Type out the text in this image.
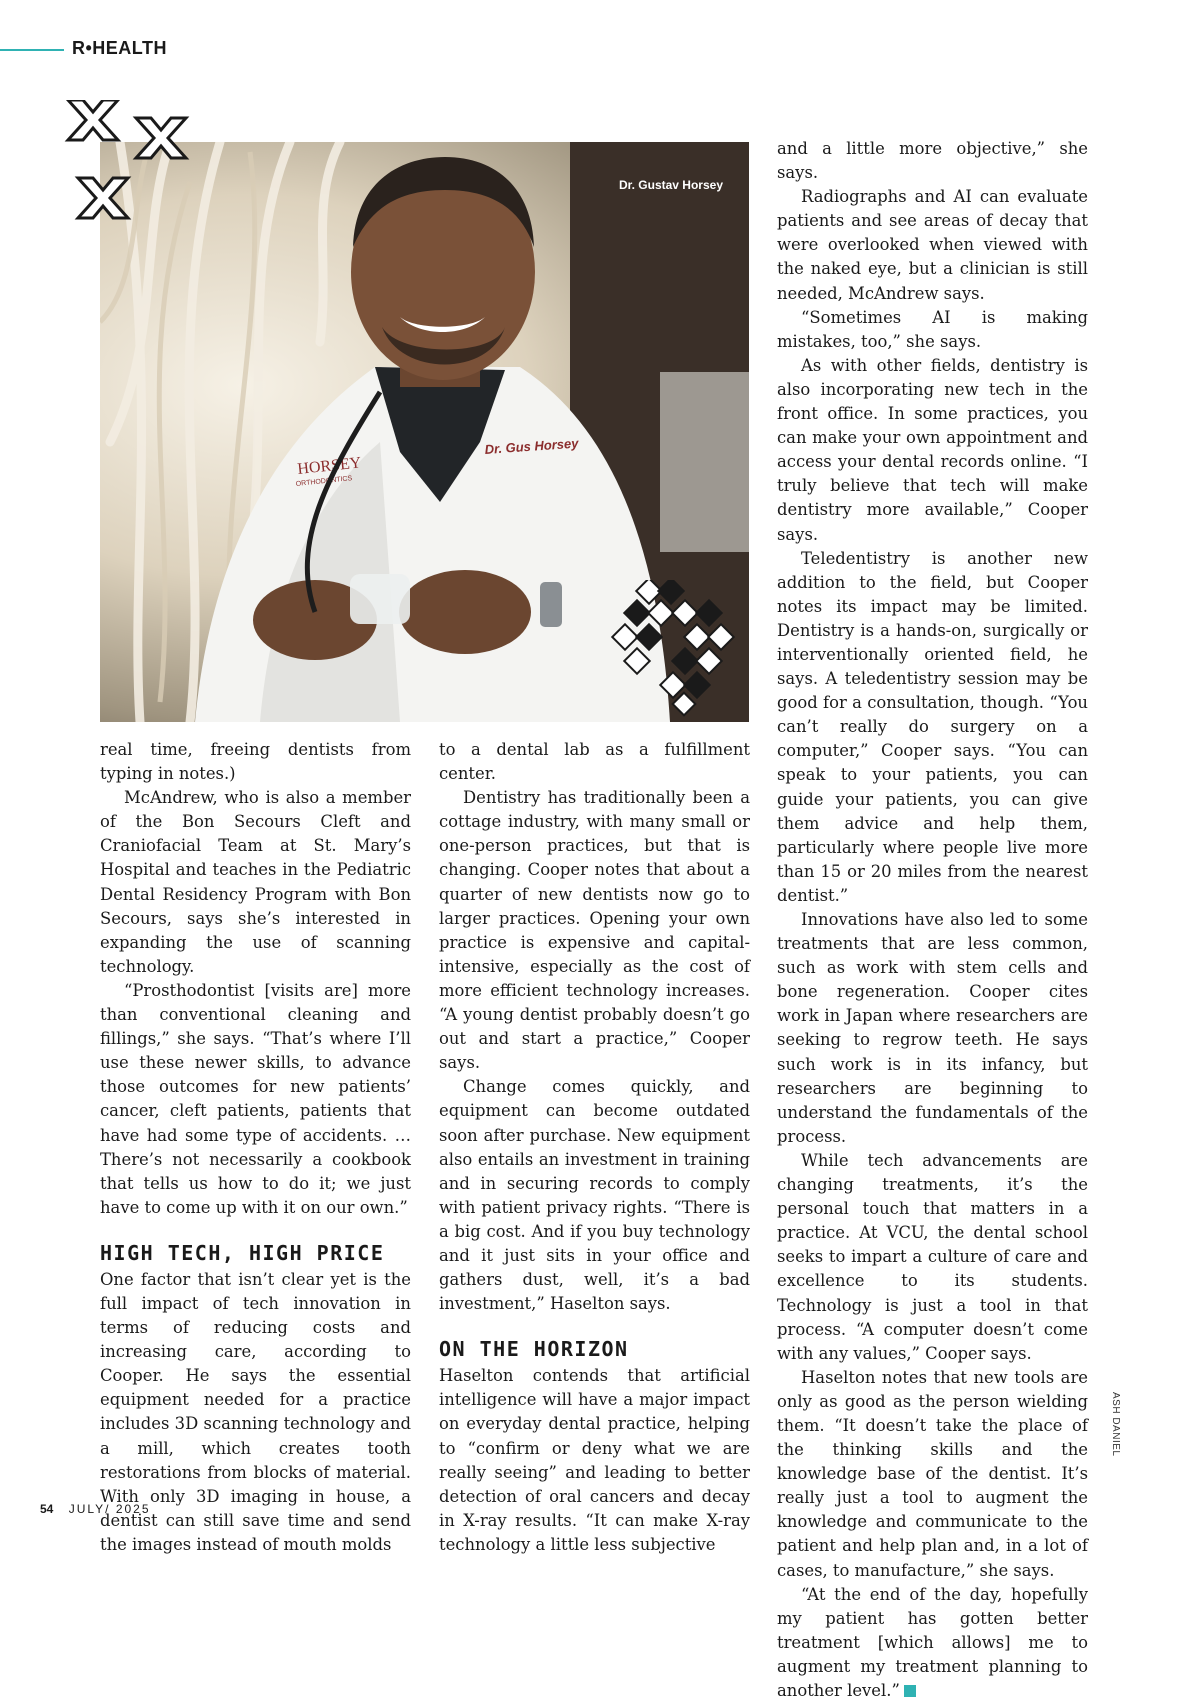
R•HEALTH
Dr. Gus Horsey
HORSEY
ORTHODONTICS
Dr. Gustav Horsey

real time, freeing dentists from typing in notes.)

McAndrew, who is also a member of the Bon Secours Cleft and Craniofacial Team at St. Mary’s Hospital and teaches in the Pediatric Dental Residency Program with Bon Secours, says she’s interested in expanding the use of scanning technology.

“Prosthodontist [visits are] more than conventional cleaning and fillings,” she says. “That’s where I’ll use these newer skills, to advance those outcomes for new patients’ cancer, cleft patients, patients that have had some type of accidents. … There’s not necessarily a cookbook that tells us how to do it; we just have to come up with it on our own.”

HIGH TECH, HIGH PRICE

One factor that isn’t clear yet is the full impact of tech innovation in terms of reducing costs and increasing care, according to Cooper. He says the essential equipment needed for a practice includes 3D scanning technology and a mill, which creates tooth restorations from blocks of material. With only 3D imaging in house, a dentist can still save time and send the images instead of mouth molds

to a dental lab as a fulfillment center.

Dentistry has traditionally been a cottage industry, with many small or one-person practices, but that is changing. Cooper notes that about a quarter of new dentists now go to larger practices. Opening your own practice is expensive and capital-intensive, especially as the cost of more efficient technology increases. “A young dentist probably doesn’t go out and start a practice,” Cooper says.

Change comes quickly, and equipment can become outdated soon after purchase. New equipment also entails an investment in training and in securing records to comply with patient privacy rights. “There is a big cost. And if you buy technology and it just sits in your office and gathers dust, well, it’s a bad investment,” Haselton says.

ON THE HORIZON

Haselton contends that artificial intelligence will have a major impact on everyday dental practice, helping to “confirm or deny what we are really seeing” and leading to better detection of oral cancers and decay in X-ray results. “It can make X-ray technology a little less subjective

and a little more objective,” she says.

Radiographs and AI can evaluate patients and see areas of decay that were overlooked when viewed with the naked eye, but a clinician is still needed, McAndrew says.

“Sometimes AI is making mistakes, too,” she says.

As with other fields, dentistry is also incorporating new tech in the front office. In some practices, you can make your own appointment and access your dental records online. “I truly believe that tech will make dentistry more available,” Cooper says.

Teledentistry is another new addition to the field, but Cooper notes its impact may be limited. Dentistry is a hands-on, surgically or interventionally oriented field, he says. A teledentistry session may be good for a consultation, though. “You can’t really do surgery on a computer,” Cooper says. “You can speak to your patients, you can guide your patients, you can give them advice and help them, particularly where people live more than 15 or 20 miles from the nearest dentist.”

Innovations have also led to some treatments that are less common, such as work with stem cells and bone regeneration. Cooper cites work in Japan where researchers are seeking to regrow teeth. He says such work is in its infancy, but researchers are beginning to understand the fundamentals of the process.

While tech advancements are changing treatments, it’s the personal touch that matters in a practice. At VCU, the dental school seeks to impart a culture of care and excellence to its students. Technology is just a tool in that process. “A computer doesn’t come with any values,” Cooper says.

Haselton notes that new tools are only as good as the person wielding them. “It doesn’t take the place of the thinking skills and the knowledge base of the dentist. It’s really just a tool to augment the knowledge and communicate to the patient and help plan and, in a lot of cases, to manufacture,” she says.

“At the end of the day, hopefully my patient has gotten better treatment [which allows] me to augment my treatment planning to another level.”

ASH DANIEL
54 JULY/ 2025
